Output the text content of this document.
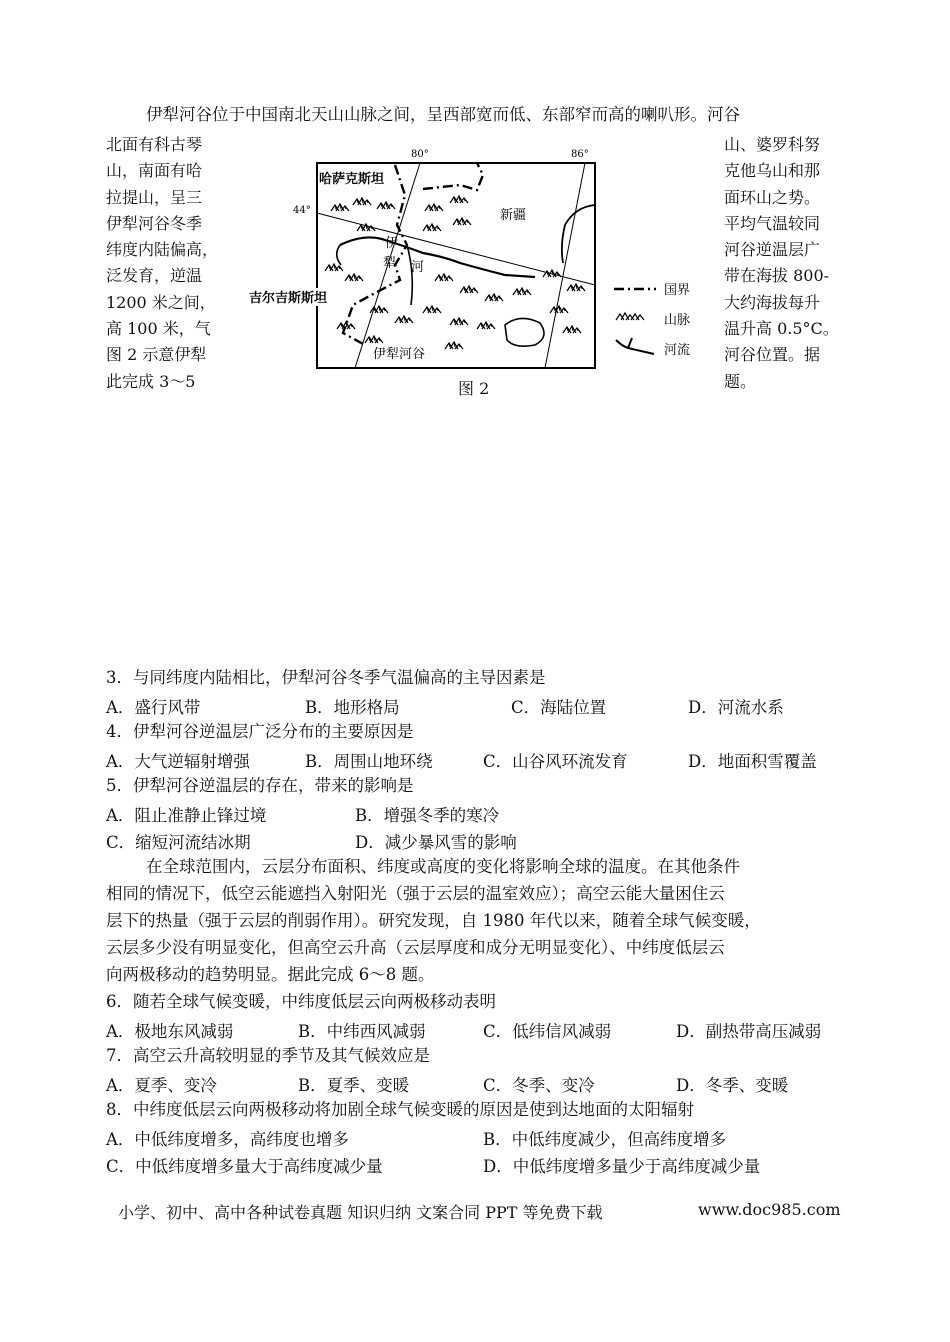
伊犁河谷位于中国南北天山山脉之间，呈西部宽而低、东部窄而高的喇叭形。河谷
北面有科古琴
山，南面有哈
拉提山，呈三
伊犁河谷冬季
纬度内陆偏高，
泛发育，逆温
1200 米之间，
高 100 米，气
图 2 示意伊犁
此完成 3～5
山、婆罗科努
克他乌山和那
面环山之势。
平均气温较同
河谷逆温层广
带在海拔 800-
大约海拔每升
温升高 0.5°C。
河谷位置。据
题。
80°	86°
44°
哈萨克斯坦
新疆
伊
犁 河
吉尔吉斯斯坦
伊犁河谷
国界
山脉
河流
图 2
3．与同纬度内陆相比，伊犁河谷冬季气温偏高的主导因素是
A．盛行风带	B．地形格局	C．海陆位置	D．河流水系
4．伊犁河谷逆温层广泛分布的主要原因是
A．大气逆辐射增强	B．周围山地环绕	C．山谷风环流发育	D．地面积雪覆盖
5．伊犁河谷逆温层的存在，带来的影响是
A．阻止准静止锋过境	B．增强冬季的寒冷
C．缩短河流结冰期	D．减少暴风雪的影响
在全球范围内，云层分布面积、纬度或高度的变化将影响全球的温度。在其他条件
相同的情况下，低空云能遮挡入射阳光（强于云层的温室效应）；高空云能大量困住云
层下的热量（强于云层的削弱作用）。研究发现，自 1980 年代以来，随着全球气候变暖，
云层多少没有明显变化，但高空云升高（云层厚度和成分无明显变化）、中纬度低层云
向两极移动的趋势明显。据此完成 6～8 题。
6．随若全球气候变暖，中纬度低层云向两极移动表明
A．极地东风减弱	B．中纬西风减弱	C．低纬信风减弱	D．副热带高压减弱
7．高空云升高较明显的季节及其气候效应是
A．夏季、变冷	B．夏季、变暖	C．冬季、变冷	D．冬季、变暖
8．中纬度低层云向两极移动将加剧全球气候变暖的原因是使到达地面的太阳辐射
A．中低纬度增多，高纬度也增多	B．中低纬度减少，但高纬度增多
C．中低纬度增多量大于高纬度减少量	D．中低纬度增多量少于高纬度减少量
小学、初中、高中各种试卷真题 知识归纳 文案合同 PPT 等免费下载	www.doc985.com
